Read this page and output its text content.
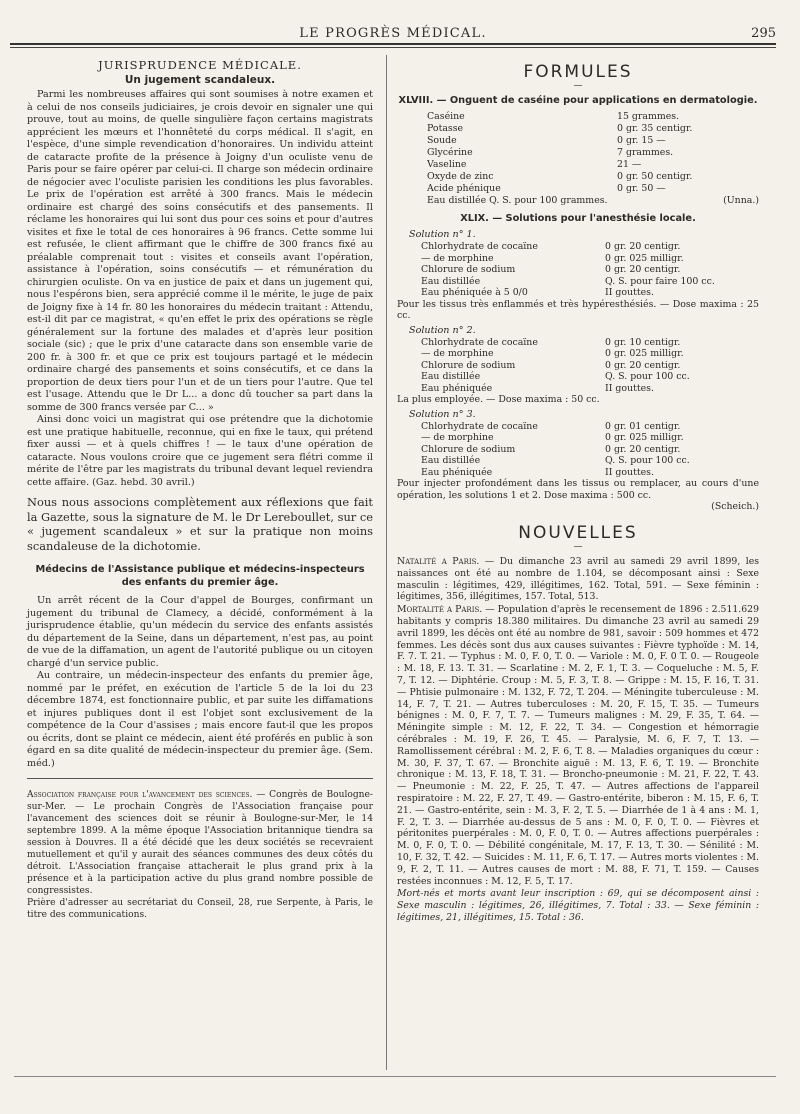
LE PROGRÈS MÉDICAL.	295
JURISPRUDENCE MÉDICALE.
Un jugement scandaleux.

Parmi les nombreuses affaires qui sont soumises à notre examen et à celui de nos conseils judiciaires, je crois devoir en signaler une qui prouve, tout au moins, de quelle singulière façon certains magistrats apprécient les mœurs et l'honnêteté du corps médical. Il s'agit, en l'espèce, d'une simple revendication d'honoraires. Un individu atteint de cataracte profite de la présence à Joigny d'un oculiste venu de Paris pour se faire opérer par celui-ci. Il charge son médecin ordinaire de négocier avec l'oculiste parisien les conditions les plus favorables. Le prix de l'opération est arrêté à 300 francs. Mais le médecin ordinaire est chargé des soins consécutifs et des pansements. Il réclame les honoraires qui lui sont dus pour ces soins et pour d'autres visites et fixe le total de ces honoraires à 96 francs. Cette somme lui est refusée, le client affirmant que le chiffre de 300 francs fixé au préalable comprenait tout : visites et conseils avant l'opération, assistance à l'opération, soins consécutifs — et rémunération du chirurgien oculiste. On va en justice de paix et dans un jugement qui, nous l'espérons bien, sera apprécié comme il le mérite, le juge de paix de Joigny fixe à 14 fr. 80 les honoraires du médecin traitant : Attendu, est-il dit par ce magistrat, « qu'en effet le prix des opérations se règle généralement sur la fortune des malades et d'après leur position sociale (sic) ; que le prix d'une cataracte dans son ensemble varie de 200 fr. à 300 fr. et que ce prix est toujours partagé et le médecin ordinaire chargé des pansements et soins consécutifs, et ce dans la proportion de deux tiers pour l'un et de un tiers pour l'autre. Que tel est l'usage. Attendu que le Dr L... a donc dû toucher sa part dans la somme de 300 francs versée par C... »

Ainsi donc voici un magistrat qui ose prétendre que la dichotomie est une pratique habituelle, reconnue, qui en fixe le taux, qui prétend fixer aussi — et à quels chiffres ! — le taux d'une opération de cataracte. Nous voulons croire que ce jugement sera flétri comme il mérite de l'être par les magistrats du tribunal devant lequel reviendra cette affaire. (Gaz. hebd. 30 avril.)

Nous nous associons complètement aux réflexions que fait la Gazette, sous la signature de M. le Dr Lereboullet, sur ce « jugement scandaleux » et sur la pratique non moins scandaleuse de la dichotomie.

Médecins de l'Assistance publique et médecins-inspecteurs des enfants du premier âge.

Un arrêt récent de la Cour d'appel de Bourges, confirmant un jugement du tribunal de Clamecy, a décidé, conformément à la jurisprudence établie, qu'un médecin du service des enfants assistés du département de la Seine, dans un département, n'est pas, au point de vue de la diffamation, un agent de l'autorité publique ou un citoyen chargé d'un service public.

Au contraire, un médecin-inspecteur des enfants du premier âge, nommé par le préfet, en exécution de l'article 5 de la loi du 23 décembre 1874, est fonctionnaire public, et par suite les diffamations et injures publiques dont il est l'objet sont exclusivement de la compétence de la Cour d'assises ; mais encore faut-il que les propos ou écrits, dont se plaint ce médecin, aient été proférés en public à son égard en sa dite qualité de médecin-inspecteur du premier âge. (Sem. méd.)

Association française pour l'avancement des sciences. — Congrès de Boulogne-sur-Mer. — Le prochain Congrès de l'Association française pour l'avancement des sciences doit se réunir à Boulogne-sur-Mer, le 14 septembre 1899. A la même époque l'Association britannique tiendra sa session à Douvres. Il a été décidé que les deux sociétés se recevraient mutuellement et qu'il y aurait des séances communes des deux côtés du détroit. L'Association française attacherait le plus grand prix à la présence et à la participation active du plus grand nombre possible de congressistes.

Prière d'adresser au secrétariat du Conseil, 28, rue Serpente, à Paris, le titre des communications.

FORMULES
—
XLVIII. — Onguent de caséine pour applications en dermatologie.
Caséine	15 grammes.
Potasse	0 gr. 35 centigr.
Soude	0 gr. 15 —
Glycérine	7 grammes.
Vaseline	21 —
Oxyde de zinc	0 gr. 50 centigr.
Acide phénique	0 gr. 50 —
Eau distillée Q. S. pour 100 grammes.	(Unna.)
XLIX. — Solutions pour l'anesthésie locale.
Solution n° 1.
Chlorhydrate de cocaïne	0 gr. 20 centigr.
— de morphine	0 gr. 025 milligr.
Chlorure de sodium	0 gr. 20 centigr.
Eau distillée	Q. S. pour faire 100 cc.
Eau phéniquée à 5 0/0	II gouttes.

Pour les tissus très enflammés et très hypéresthésiés. — Dose maxima : 25 cc.

Solution n° 2.
Chlorhydrate de cocaïne	0 gr. 10 centigr.
— de morphine	0 gr. 025 milligr.
Chlorure de sodium	0 gr. 20 centigr.
Eau distillée	Q. S. pour 100 cc.
Eau phéniquée	II gouttes.

La plus employée. — Dose maxima : 50 cc.

Solution n° 3.
Chlorhydrate de cocaïne	0 gr. 01 centigr.
— de morphine	0 gr. 025 milligr.
Chlorure de sodium	0 gr. 20 centigr.
Eau distillée	Q. S. pour 100 cc.
Eau phéniquée	II gouttes.

Pour injecter profondément dans les tissus ou remplacer, au cours d'une opération, les solutions 1 et 2. Dose maxima : 500 cc.

(Scheich.)
NOUVELLES
—

Natalité a Paris. — Du dimanche 23 avril au samedi 29 avril 1899, les naissances ont été au nombre de 1.104, se décomposant ainsi : Sexe masculin : légitimes, 429, illégitimes, 162. Total, 591. — Sexe féminin : légitimes, 356, illégitimes, 157. Total, 513.

Mortalité a Paris. — Population d'après le recensement de 1896 : 2.511.629 habitants y compris 18.380 militaires. Du dimanche 23 avril au samedi 29 avril 1899, les décès ont été au nombre de 981, savoir : 509 hommes et 472 femmes. Les décès sont dus aux causes suivantes : Fièvre typhoïde : M. 14, F. 7. T. 21. — Typhus : M. 0, F. 0, T. 0. — Variole : M. 0, F. 0 T. 0. — Rougeole : M. 18, F. 13. T. 31. — Scarlatine : M. 2, F. 1, T. 3. — Coqueluche : M. 5, F. 7, T. 12. — Diphtérie. Croup : M. 5, F. 3, T. 8. — Grippe : M. 15, F. 16, T. 31. — Phtisie pulmonaire : M. 132, F. 72, T. 204. — Méningite tuberculeuse : M. 14, F. 7, T. 21. — Autres tuberculoses : M. 20, F. 15, T. 35. — Tumeurs bénignes : M. 0, F. 7, T. 7. — Tumeurs malignes : M. 29, F. 35, T. 64. — Méningite simple : M. 12, F. 22, T. 34. — Congestion et hémorragie cérébrales : M. 19, F. 26, T. 45. — Paralysie, M. 6, F. 7, T. 13. — Ramollissement cérébral : M. 2, F. 6, T. 8. — Maladies organiques du cœur : M. 30, F. 37, T. 67. — Bronchite aiguë : M. 13, F. 6, T. 19. — Bronchite chronique : M. 13, F. 18, T. 31. — Broncho-pneumonie : M. 21, F. 22, T. 43. — Pneumonie : M. 22, F. 25, T. 47. — Autres affections de l'appareil respiratoire : M. 22, F. 27, T. 49. — Gastro-entérite, biberon : M. 15, F. 6, T. 21. — Gastro-entérite, sein : M. 3, F. 2, T. 5. — Diarrhée de 1 à 4 ans : M. 1, F. 2, T. 3. — Diarrhée au-dessus de 5 ans : M. 0, F. 0, T. 0. — Fièvres et péritonites puerpérales : M. 0, F. 0, T. 0. — Autres affections puerpérales : M. 0, F. 0, T. 0. — Débilité congénitale, M. 17, F. 13, T. 30. — Sénilité : M. 10, F. 32, T. 42. — Suicides : M. 11, F. 6, T. 17. — Autres morts violentes : M. 9, F. 2, T. 11. — Autres causes de mort : M. 88, F. 71, T. 159. — Causes restées inconnues : M. 12, F. 5, T. 17.

Mort-nés et morts avant leur inscription : 69, qui se décomposent ainsi : Sexe masculin : légitimes, 26, illégitimes, 7. Total : 33. — Sexe féminin : légitimes, 21, illégitimes, 15. Total : 36.
